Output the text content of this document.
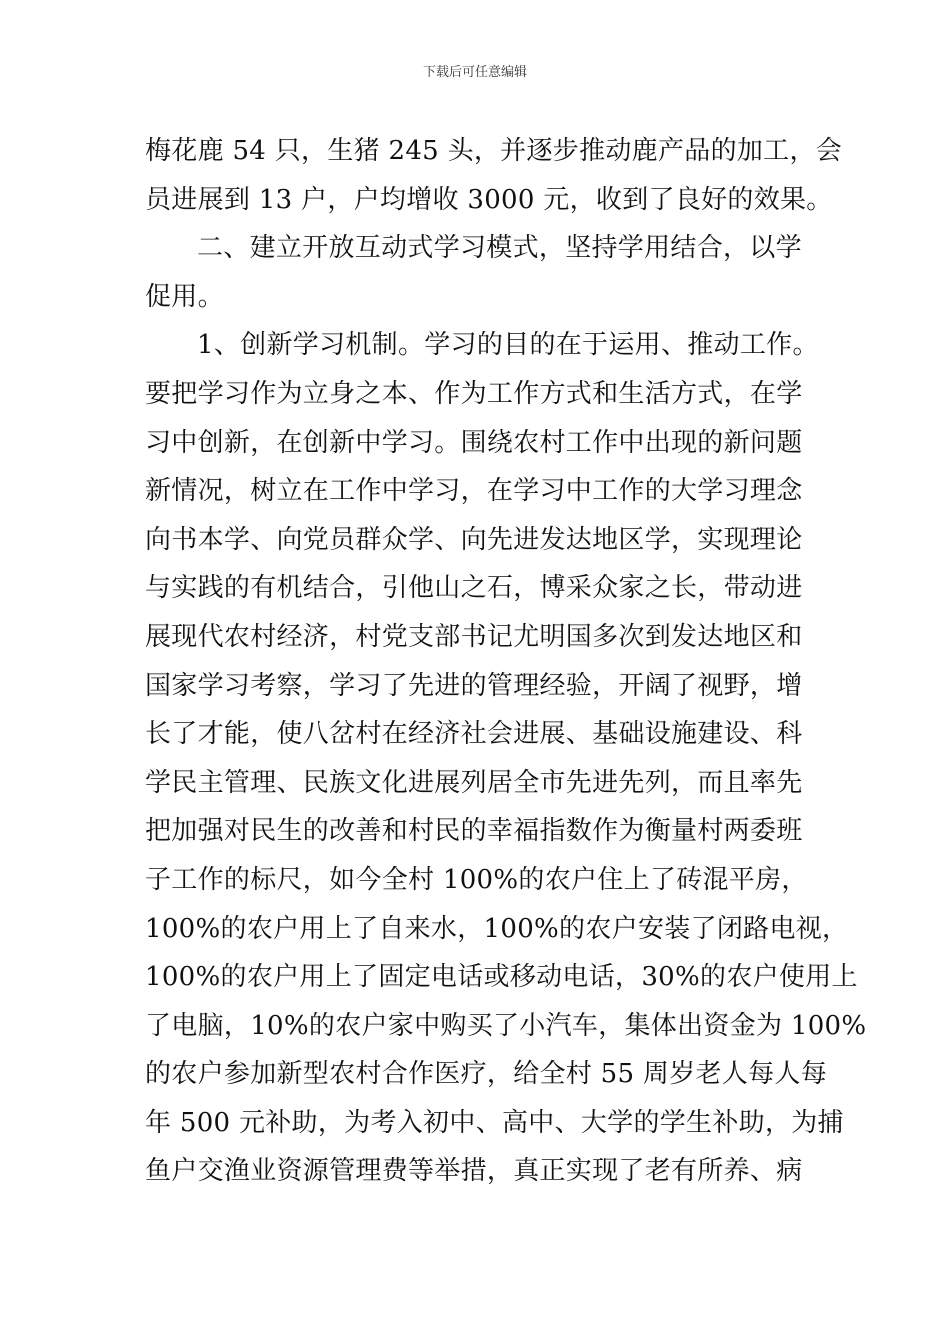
下载后可任意编辑
梅花鹿 54 只，生猪 245 头，并逐步推动鹿产品的加工，会
员进展到 13 户，户均增收 3000 元，收到了良好的效果。
二、建立开放互动式学习模式，坚持学用结合，以学
促用。
1、创新学习机制。学习的目的在于运用、推动工作。
要把学习作为立身之本、作为工作方式和生活方式，在学
习中创新，在创新中学习。围绕农村工作中出现的新问题
新情况，树立在工作中学习，在学习中工作的大学习理念
向书本学、向党员群众学、向先进发达地区学，实现理论
与实践的有机结合，引他山之石，博采众家之长，带动进
展现代农村经济，村党支部书记尤明国多次到发达地区和
国家学习考察，学习了先进的管理经验，开阔了视野，增
长了才能，使八岔村在经济社会进展、基础设施建设、科
学民主管理、民族文化进展列居全市先进先列，而且率先
把加强对民生的改善和村民的幸福指数作为衡量村两委班
子工作的标尺，如今全村 100%的农户住上了砖混平房，
100%的农户用上了自来水，100%的农户安装了闭路电视，
100%的农户用上了固定电话或移动电话，30%的农户使用上
了电脑，10%的农户家中购买了小汽车，集体出资金为 100%
的农户参加新型农村合作医疗，给全村 55 周岁老人每人每
年 500 元补助，为考入初中、高中、大学的学生补助，为捕
鱼户交渔业资源管理费等举措，真正实现了老有所养、病
